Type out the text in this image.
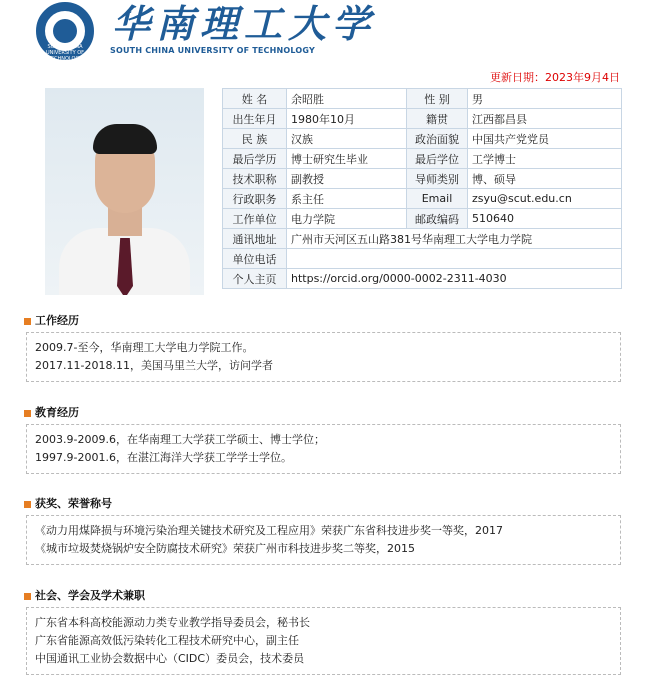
SOUTH CHINA UNIVERSITY OF TECHNOLOGY
华南理工大学
SOUTH CHINA UNIVERSITY OF TECHNOLOGY
更新日期：2023年9月4日
姓 名	余昭胜	性 别	男
出生年月	1980年10月	籍贯	江西都昌县
民 族	汉族	政治面貌	中国共产党党员
最后学历	博士研究生毕业	最后学位	工学博士
技术职称	副教授	导师类别	博、硕导
行政职务	系主任	Email	zsyu@scut.edu.cn
工作单位	电力学院	邮政编码	510640
通讯地址	广州市天河区五山路381号华南理工大学电力学院		
单位电话			
个人主页	https://orcid.org/0000-0002-2311-4030		
工作经历
2009.7-至今，华南理工大学电力学院工作。
2017.11-2018.11，美国马里兰大学，访问学者
教育经历
2003.9-2009.6，在华南理工大学获工学硕士、博士学位；
1997.9-2001.6，在湛江海洋大学获工学学士学位。
获奖、荣誉称号
《动力用煤降损与环境污染治理关键技术研究及工程应用》荣获广东省科技进步奖一等奖，2017
《城市垃圾焚烧锅炉安全防腐技术研究》荣获广州市科技进步奖二等奖，2015
社会、学会及学术兼职
广东省本科高校能源动力类专业教学指导委员会，秘书长
广东省能源高效低污染转化工程技术研究中心，副主任
中国通讯工业协会数据中心（CIDC）委员会，技术委员
